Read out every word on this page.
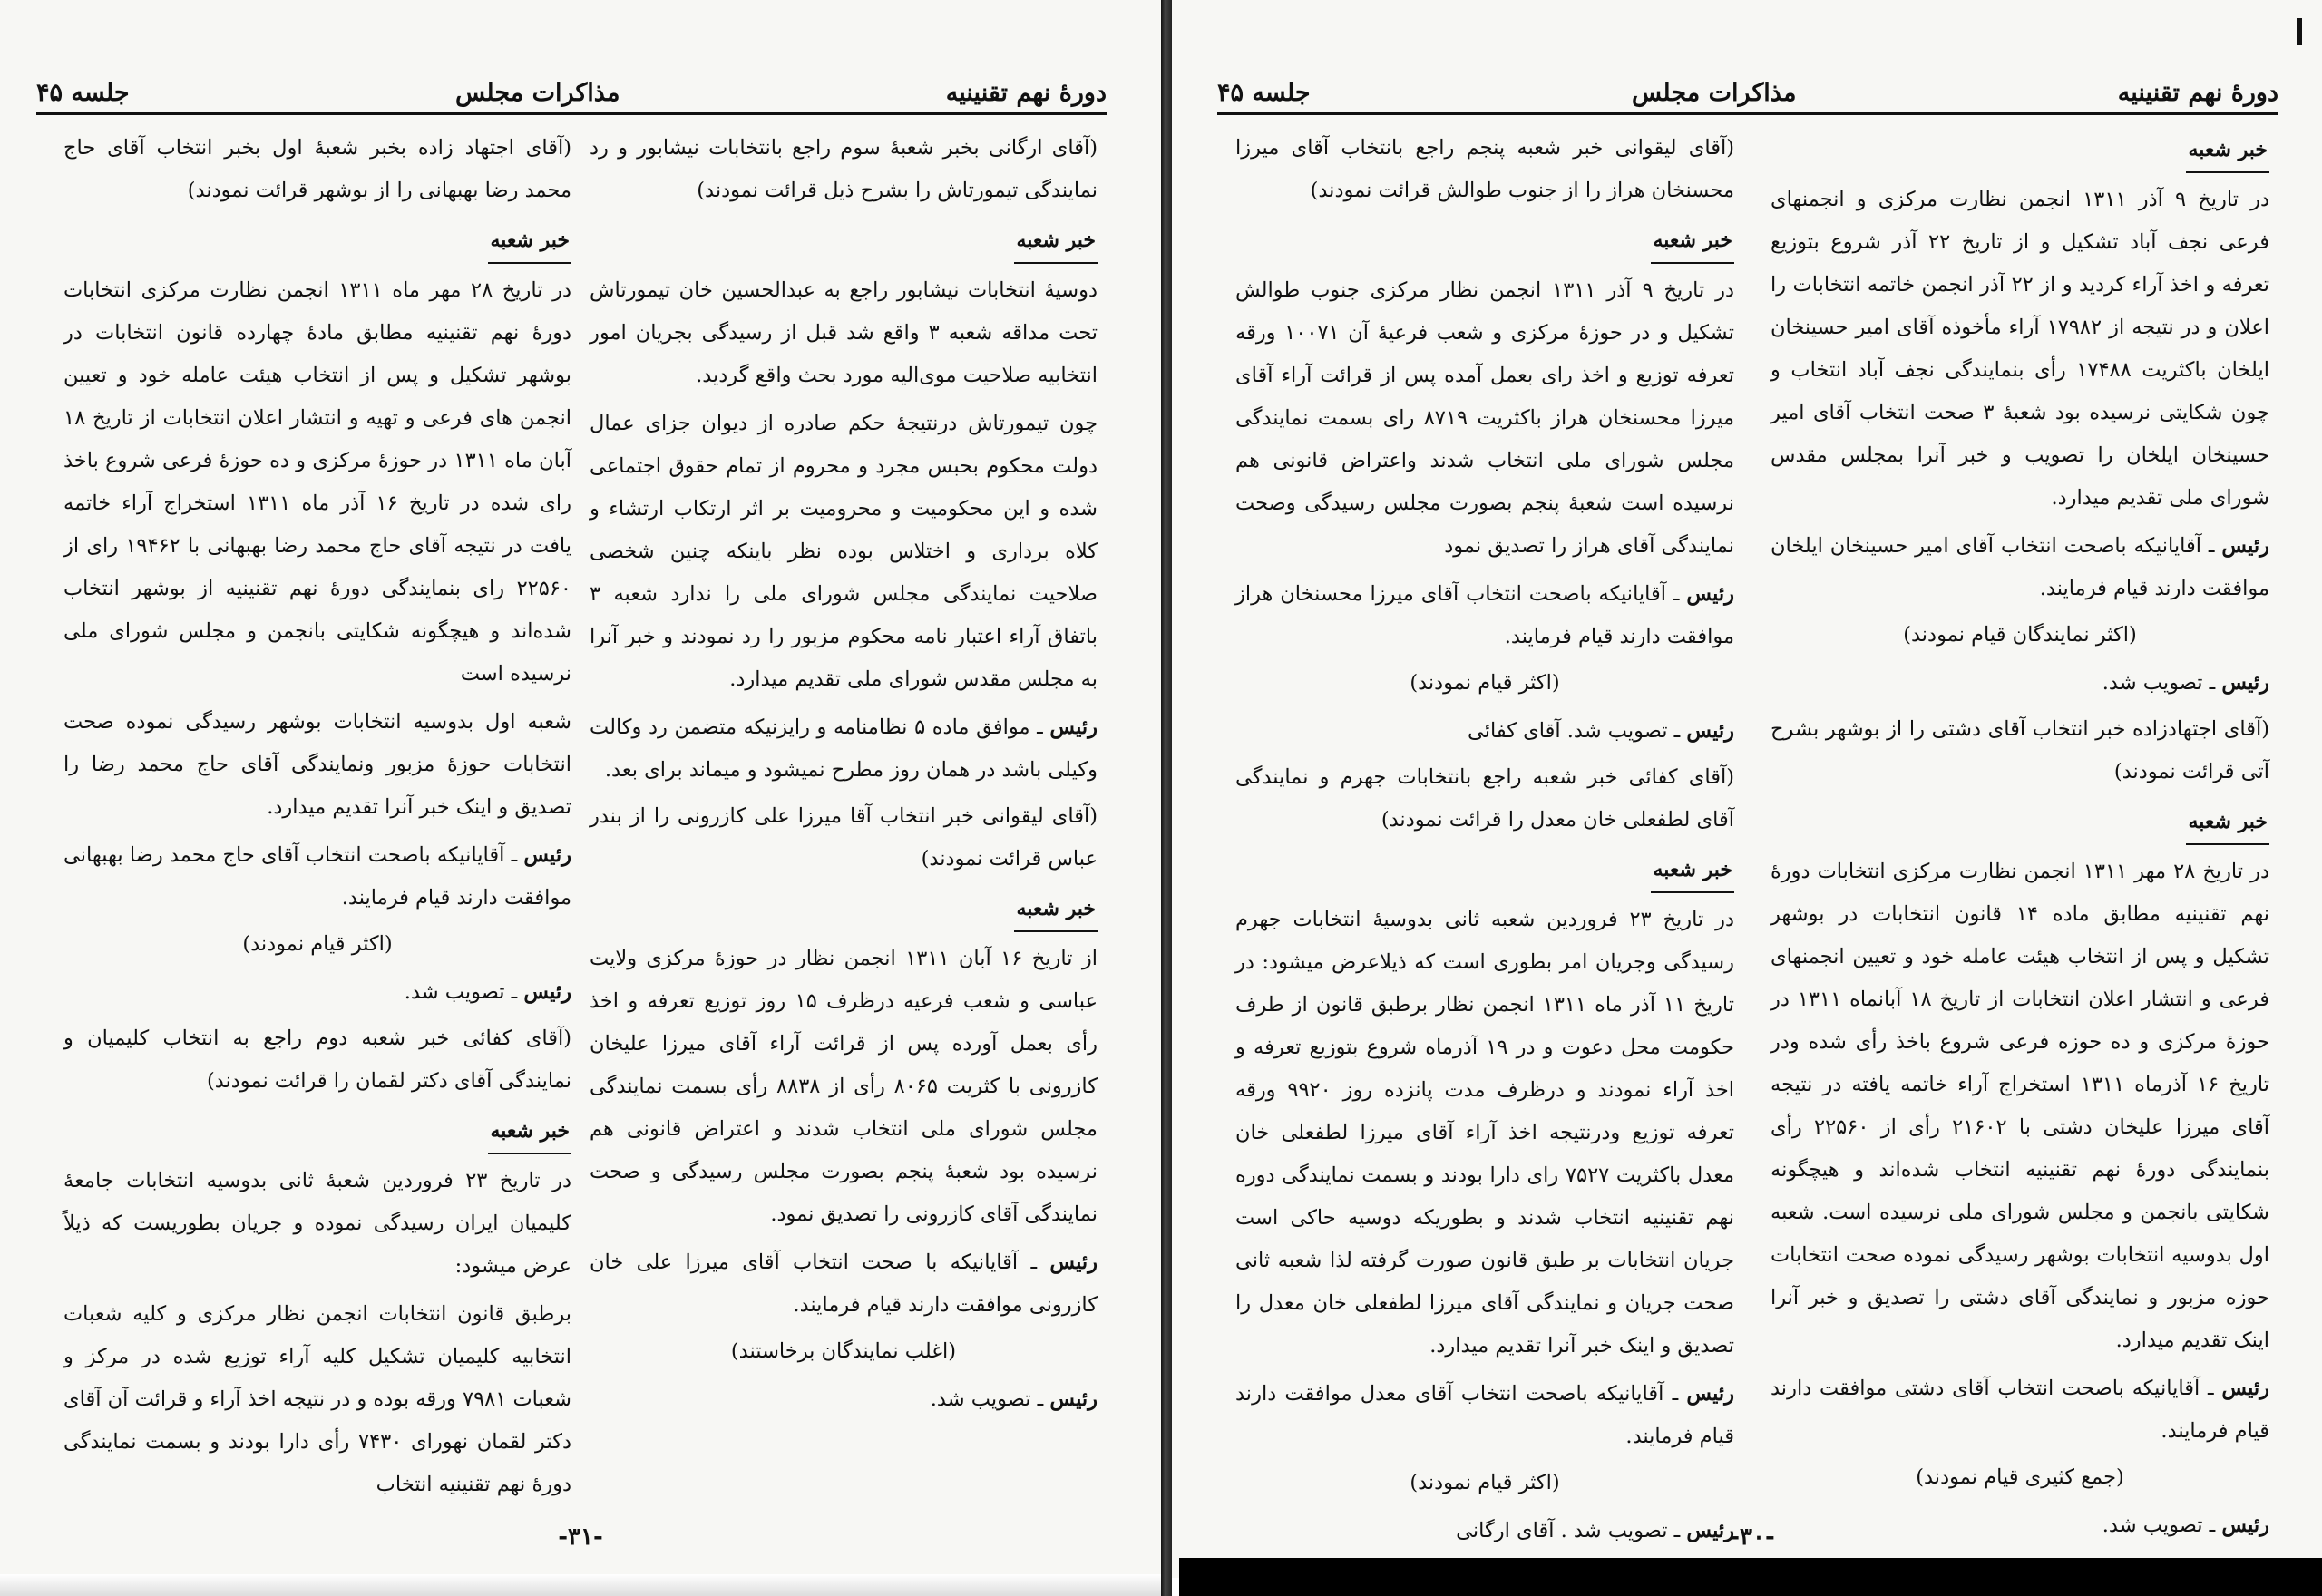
دورهٔ نهم تقنینیه
مذاکرات مجلس
جلسه ۴۵

(آقای ارگانی بخبر شعبهٔ سوم راجع بانتخابات نیشابور و رد نمایندگی تیمورتاش را بشرح ذیل قرائت نمودند)

خبر شعبه

دوسیهٔ انتخابات نیشابور راجع به عبدالحسین خان تیمورتاش تحت مداقه شعبه ۳ واقع شد قبل از رسیدگی بجریان امور انتخابیه صلاحیت موی‌الیه مورد بحث واقع گردید.

چون تیمورتاش درنتیجهٔ حکم صادره از دیوان جزای عمال دولت محکوم بحبس مجرد و محروم از تمام حقوق اجتماعی شده و این محکومیت و محرومیت بر اثر ارتکاب ارتشاء و کلاه برداری و اختلاس بوده نظر باینکه چنین شخصی صلاحیت نمایندگی مجلس شورای ملی را ندارد شعبه ۳ باتفاق آراء اعتبار نامه محکوم مزبور را رد نمودند و خبر آنرا به مجلس مقدس شورای ملی تقدیم میدارد.

رئیس ـ موافق ماده ۵ نظامنامه و رایزنیکه متضمن رد وکالت وکیلی باشد در همان روز مطرح نمیشود و میماند برای بعد.

(آقای لیقوانی خبر انتخاب آقا میرزا علی کازرونی را از بندر عباس قرائت نمودند)

خبر شعبه

از تاریخ ۱۶ آبان ۱۳۱۱ انجمن نظار در حوزهٔ مرکزی ولایت عباسی و شعب فرعیه درظرف ۱۵ روز توزیع تعرفه و اخذ رأی بعمل آورده پس از قرائت آراء آقای میرزا علیخان کازرونی با کثریت ۸۰۶۵ رأی از ۸۸۳۸ رأی بسمت نمایندگی مجلس شورای ملی انتخاب شدند و اعتراض قانونی هم نرسیده بود شعبهٔ پنجم بصورت مجلس رسیدگی و صحت نمایندگی آقای کازرونی را تصدیق نمود.

رئیس ـ آقایانیکه با صحت انتخاب آقای میرزا علی خان کازرونی موافقت دارند قیام فرمایند.

(اغلب نمایندگان برخاستند)

رئیس ـ تصویب شد.

(آقای اجتهاد زاده بخبر شعبهٔ اول بخبر انتخاب آقای حاج محمد رضا بهبهانی را از بوشهر قرائت نمودند)

خبر شعبه

در تاریخ ۲۸ مهر ماه ۱۳۱۱ انجمن نظارت مرکزی انتخابات دورهٔ نهم تقنینیه مطابق مادهٔ چهارده قانون انتخابات در بوشهر تشکیل و پس از انتخاب هیئت عامله خود و تعیین انجمن های فرعی و تهیه و انتشار اعلان انتخابات از تاریخ ۱۸ آبان ماه ۱۳۱۱ در حوزهٔ مرکزی و ده حوزهٔ فرعی شروع باخذ رای شده در تاریخ ۱۶ آذر ماه ۱۳۱۱ استخراج آراء خاتمه یافت در نتیجه آقای حاج محمد رضا بهبهانی با ۱۹۴۶۲ رای از ۲۲۵۶۰ رای بنمایندگی دورهٔ نهم تقنینیه از بوشهر انتخاب شده‌اند و هیچگونه شکایتی بانجمن و مجلس شورای ملی نرسیده است

شعبه اول بدوسیه انتخابات بوشهر رسیدگی نموده صحت انتخابات حوزهٔ مزبور ونمایندگی آقای حاج محمد رضا را تصدیق و اینک خبر آنرا تقدیم میدارد.

رئیس ـ آقایانیکه باصحت انتخاب آقای حاج محمد رضا بهبهانی موافقت دارند قیام فرمایند.

(اکثر قیام نمودند)

رئیس ـ تصویب شد.

(آقای کفائی خبر شعبه دوم راجع به انتخاب کلیمیان و نمایندگی آقای دکتر لقمان را قرائت نمودند)

خبر شعبه

در تاریخ ۲۳ فروردین شعبهٔ ثانی بدوسیه انتخابات جامعهٔ کلیمیان ایران رسیدگی نموده و جریان بطوریست که ذیلاً عرض میشود:

برطبق قانون انتخابات انجمن نظار مرکزی و کلیه شعبات انتخابیه کلیمیان تشکیل کلیه آراء توزیع شده در مرکز و شعبات ۷۹۸۱ ورقه بوده و در نتیجه اخذ آراء و قرائت آن آقای دکتر لقمان نهورای ۷۴۳۰ رأی دارا بودند و بسمت نمایندگی دورهٔ نهم تقنینیه انتخاب

-۳۱-
دورهٔ نهم تقنینیه
مذاکرات مجلس
جلسه ۴۵
خبر شعبه

در تاریخ ۹ آذر ۱۳۱۱ انجمن نظارت مرکزی و انجمنهای فرعی نجف آباد تشکیل و از تاریخ ۲۲ آذر شروع بتوزیع تعرفه و اخذ آراء کردید و از ۲۲ آذر انجمن خاتمه انتخابات را اعلان و در نتیجه از ۱۷۹۸۲ آراء مأخوذه آقای امیر حسینخان ایلخان باکثریت ۱۷۴۸۸ رأی بنمایندگی نجف آباد انتخاب و چون شکایتی نرسیده بود شعبهٔ ۳ صحت انتخاب آقای امیر حسینخان ایلخان را تصویب و خبر آنرا بمجلس مقدس شورای ملی تقدیم میدارد.

رئیس ـ آقایانیکه باصحت انتخاب آقای امیر حسینخان ایلخان موافقت دارند قیام فرمایند.

(اکثر نمایندگان قیام نمودند)

رئیس ـ تصویب شد.

(آقای اجتهادزاده خبر انتخاب آقای دشتی را از بوشهر بشرح آتی قرائت نمودند)

خبر شعبه

در تاریخ ۲۸ مهر ۱۳۱۱ انجمن نظارت مرکزی انتخابات دورهٔ نهم تقنینیه مطابق ماده ۱۴ قانون انتخابات در بوشهر تشکیل و پس از انتخاب هیئت عامله خود و تعیین انجمنهای فرعی و انتشار اعلان انتخابات از تاریخ ۱۸ آبانماه ۱۳۱۱ در حوزهٔ مرکزی و ده حوزه فرعی شروع باخذ رأی شده ودر تاریخ ۱۶ آذرماه ۱۳۱۱ استخراج آراء خاتمه یافته در نتیجه آقای میرزا علیخان دشتی با ۲۱۶۰۲ رأی از ۲۲۵۶۰ رأی بنمایندگی دورهٔ نهم تقنینیه انتخاب شده‌اند و هیچگونه شکایتی بانجمن و مجلس شورای ملی نرسیده است. شعبه اول بدوسیه انتخابات بوشهر رسیدگی نموده صحت انتخابات حوزه مزبور و نمایندگی آقای دشتی را تصدیق و خبر آنرا اینک تقدیم میدارد.

رئیس ـ آقایانیکه باصحت انتخاب آقای دشتی موافقت دارند قیام فرمایند.

(جمع کثیری قیام نمودند)

رئیس ـ تصویب شد.

(آقای لیقوانی خبر شعبه پنجم راجع بانتخاب آقای میرزا محسنخان هراز را از جنوب طوالش قرائت نمودند)

خبر شعبه

در تاریخ ۹ آذر ۱۳۱۱ انجمن نظار مرکزی جنوب طوالش تشکیل و در حوزهٔ مرکزی و شعب فرعیهٔ آن ۱۰۰۷۱ ورقه تعرفه توزیع و اخذ رای بعمل آمده پس از قرائت آراء آقای میرزا محسنخان هراز باکثریت ۸۷۱۹ رای بسمت نمایندگی مجلس شورای ملی انتخاب شدند واعتراض قانونی هم نرسیده است شعبهٔ پنجم بصورت مجلس رسیدگی وصحت نمایندگی آقای هراز را تصدیق نمود

رئیس ـ آقایانیکه باصحت انتخاب آقای میرزا محسنخان هراز موافقت دارند قیام فرمایند.

(اکثر قیام نمودند)

رئیس ـ تصویب شد. آقای کفائی

(آقای کفائی خبر شعبه راجع بانتخابات جهرم و نمایندگی آقای لطفعلی خان معدل را قرائت نمودند)

خبر شعبه

در تاریخ ۲۳ فروردین شعبه ثانی بدوسیهٔ انتخابات جهرم رسیدگی وجریان امر بطوری است که ذیلاعرض میشود: در تاریخ ۱۱ آذر ماه ۱۳۱۱ انجمن نظار برطبق قانون از طرف حکومت محل دعوت و در ۱۹ آذرماه شروع بتوزیع تعرفه و اخذ آراء نمودند و درظرف مدت پانزده روز ۹۹۲۰ ورقه تعرفه توزیع ودرنتیجه اخذ آراء آقای میرزا لطفعلی خان معدل باکثریت ۷۵۲۷ رای دارا بودند و بسمت نمایندگی دوره نهم تقنینیه انتخاب شدند و بطوریکه دوسیه حاکی است جریان انتخابات بر طبق قانون صورت گرفته لذا شعبه ثانی صحت جریان و نمایندگی آقای میرزا لطفعلی خان معدل را تصدیق و اینک خبر آنرا تقدیم میدارد.

رئیس ـ آقایانیکه باصحت انتخاب آقای معدل موافقت دارند قیام فرمایند.

(اکثر قیام نمودند)

رئیس ـ تصویب شد . آقای ارگانی	-۳۰-
